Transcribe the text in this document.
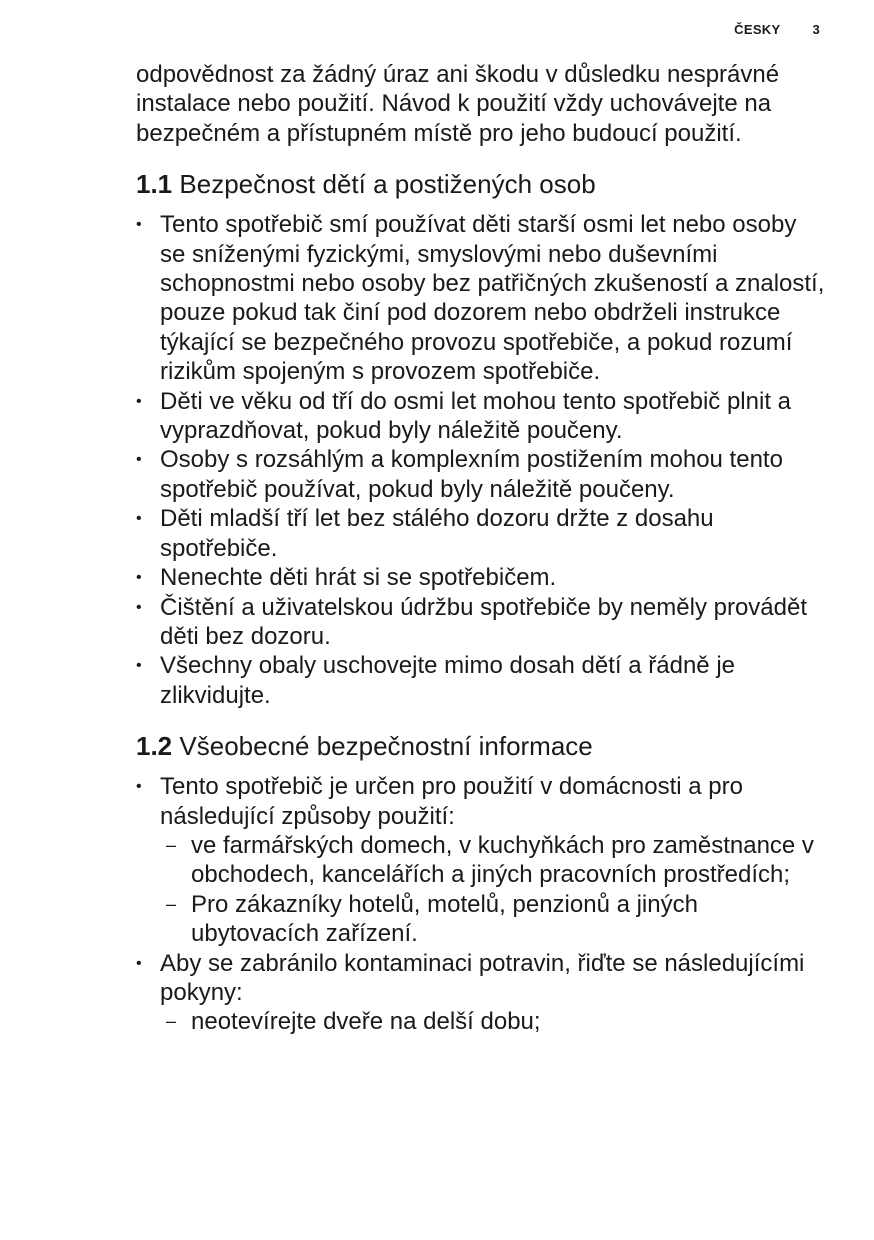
ČESKY 3

odpovědnost za žádný úraz ani škodu v důsledku nesprávné instalace nebo použití. Návod k použití vždy uchovávejte na bezpečném a přístupném místě pro jeho budoucí použití.

1.1 Bezpečnost dětí a postižených osob
• Tento spotřebič smí používat děti starší osmi let nebo osoby se sníženými fyzickými, smyslovými nebo duševními schopnostmi nebo osoby bez patřičných zkušeností a znalostí, pouze pokud tak činí pod dozorem nebo obdrželi instrukce týkající se bezpečného provozu spotřebiče, a pokud rozumí rizikům spojeným s provozem spotřebiče.
• Děti ve věku od tří do osmi let mohou tento spotřebič plnit a vyprazdňovat, pokud byly náležitě poučeny.
• Osoby s rozsáhlým a komplexním postižením mohou tento spotřebič používat, pokud byly náležitě poučeny.
• Děti mladší tří let bez stálého dozoru držte z dosahu spotřebiče.
• Nenechte děti hrát si se spotřebičem.
• Čištění a uživatelskou údržbu spotřebiče by neměly provádět děti bez dozoru.
• Všechny obaly uschovejte mimo dosah dětí a řádně je zlikvidujte.
1.2 Všeobecné bezpečnostní informace
• Tento spotřebič je určen pro použití v domácnosti a pro následující způsoby použití:
– ve farmářských domech, v kuchyňkách pro zaměstnance v obchodech, kancelářích a jiných pracovních prostředích;
– Pro zákazníky hotelů, motelů, penzionů a jiných ubytovacích zařízení.
• Aby se zabránilo kontaminaci potravin, řiďte se následujícími pokyny:
– neotevírejte dveře na delší dobu;
